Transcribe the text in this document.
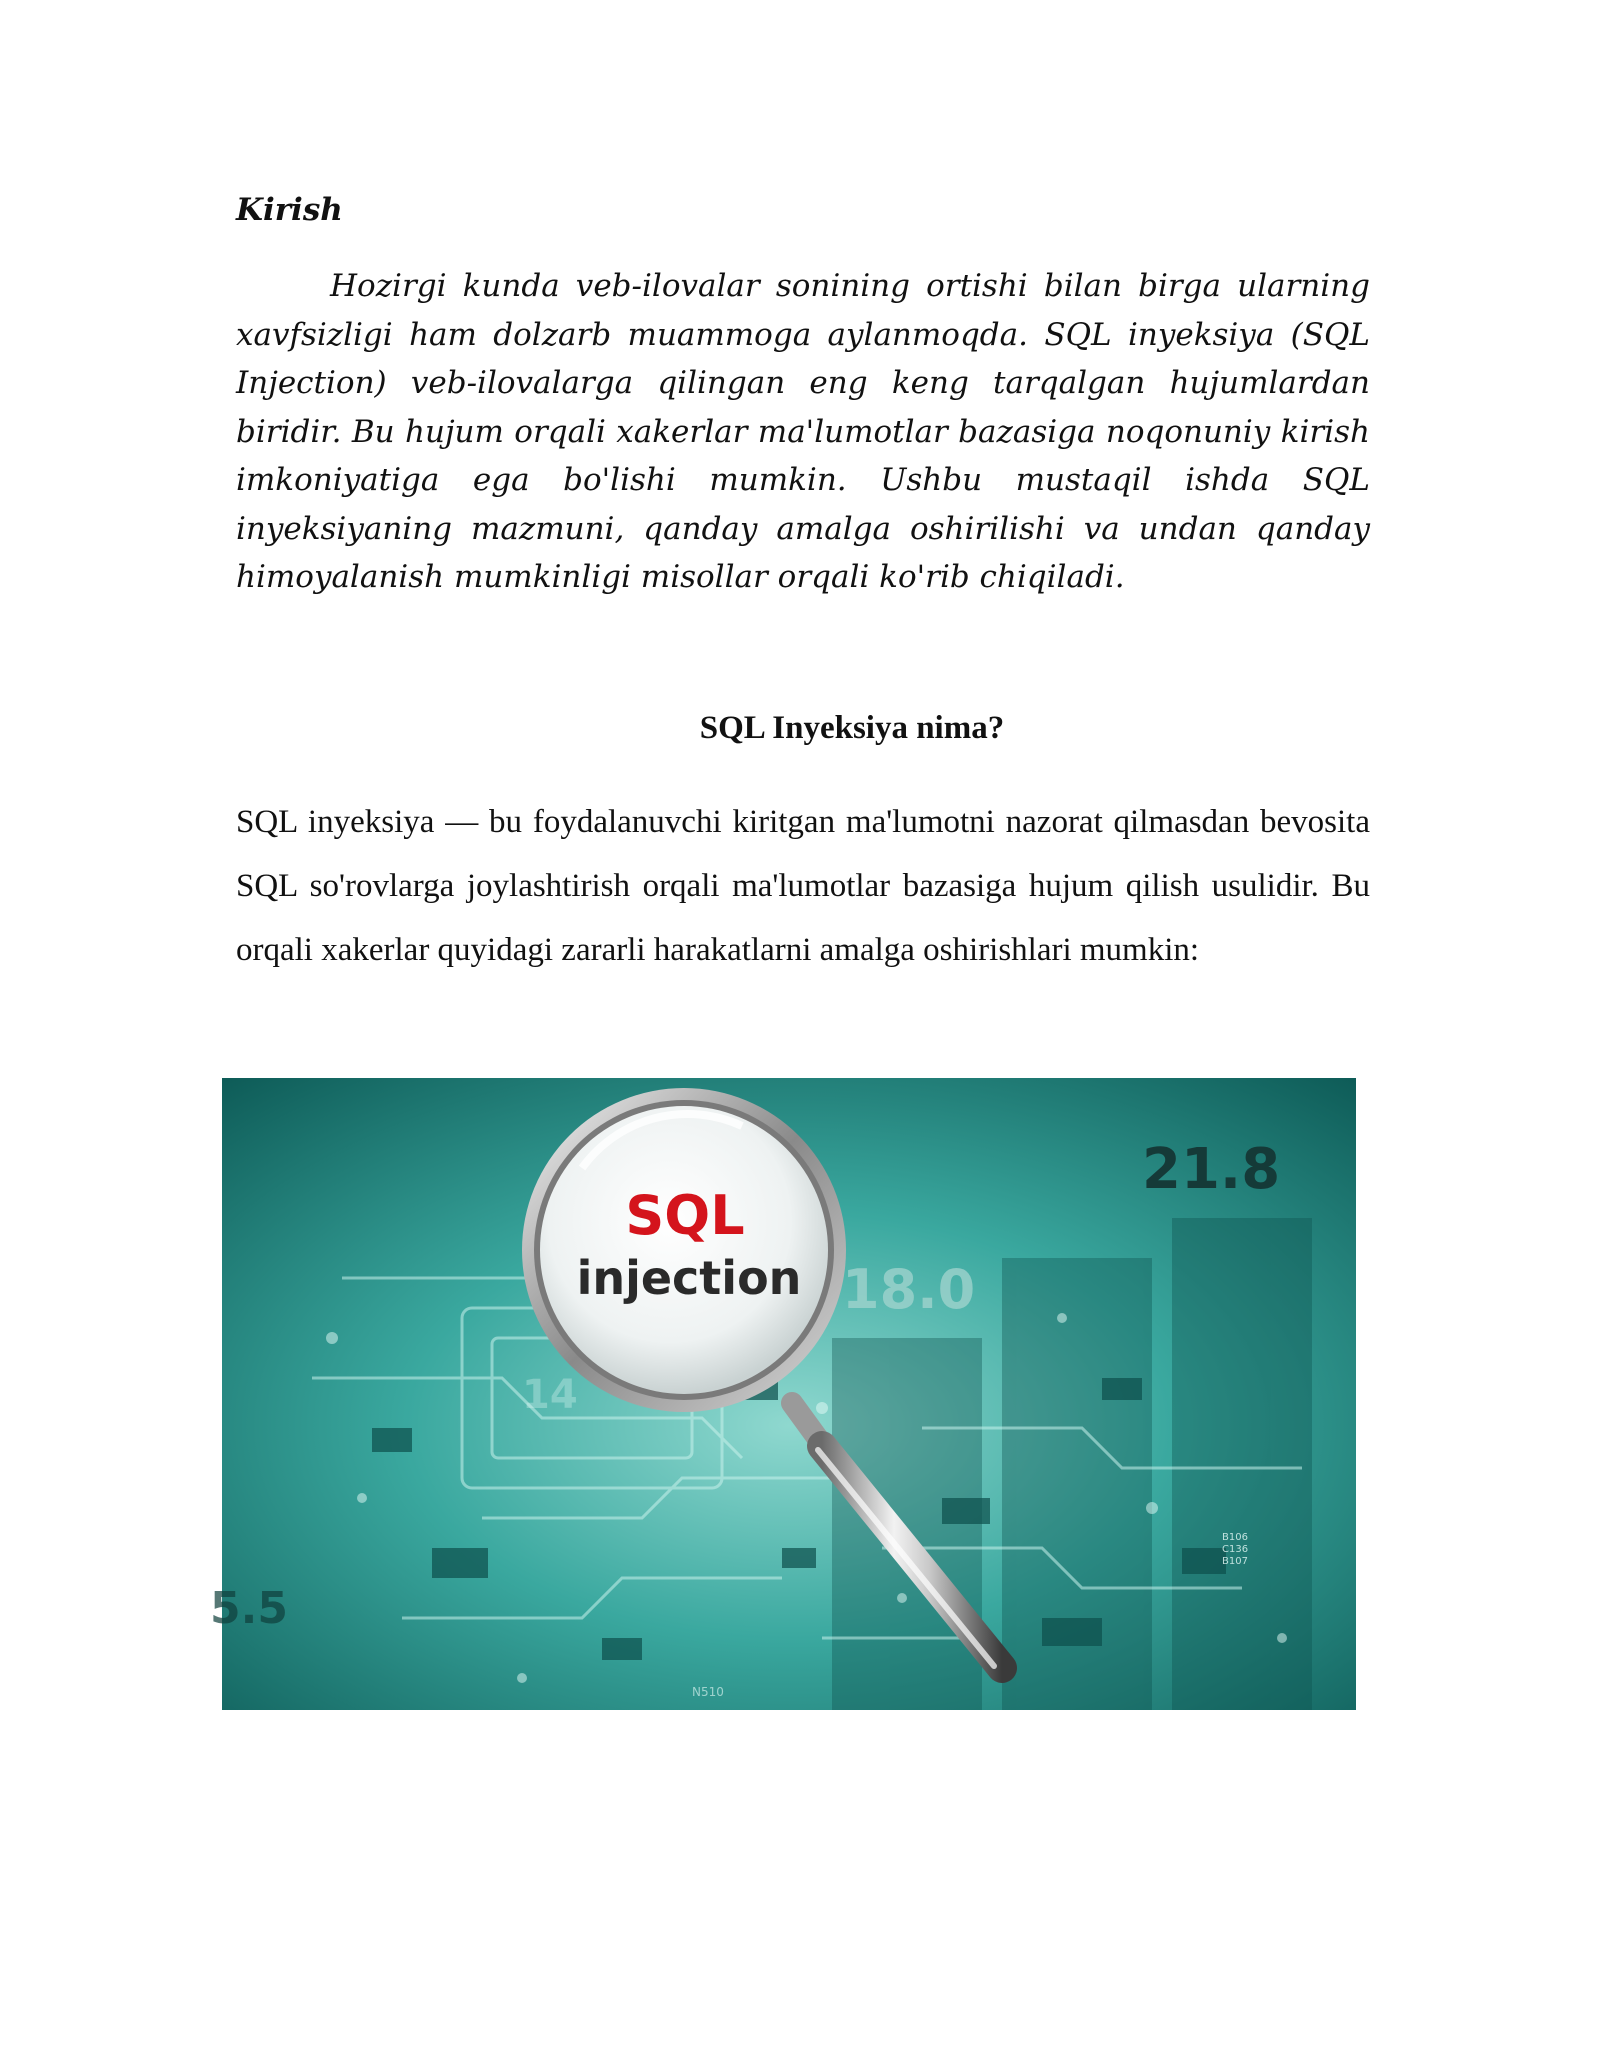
Kirish

Hozirgi kunda veb-ilovalar sonining ortishi bilan birga ularning xavfsizligi ham dolzarb muammoga aylanmoqda. SQL inyeksiya (SQL Injection) veb-ilovalarga qilingan eng keng tarqalgan hujumlardan biridir. Bu hujum orqali xakerlar ma'lumotlar bazasiga noqonuniy kirish imkoniyatiga ega bo'lishi mumkin. Ushbu mustaqil ishda SQL inyeksiyaning mazmuni, qanday amalga oshirilishi va undan qanday himoyalanish mumkinligi misollar orqali ko'rib chiqiladi.

SQL Inyeksiya nima?

SQL inyeksiya — bu foydalanuvchi kiritgan ma'lumotni nazorat qilmasdan bevosita SQL so'rovlarga joylashtirish orqali ma'lumotlar bazasiga hujum qilish usulidir. Bu orqali xakerlar quyidagi zararli harakatlarni amalga oshirishlari mumkin:

21.8
18.0
5.5
14
B106
C136
B107
N510
SQL
injection
